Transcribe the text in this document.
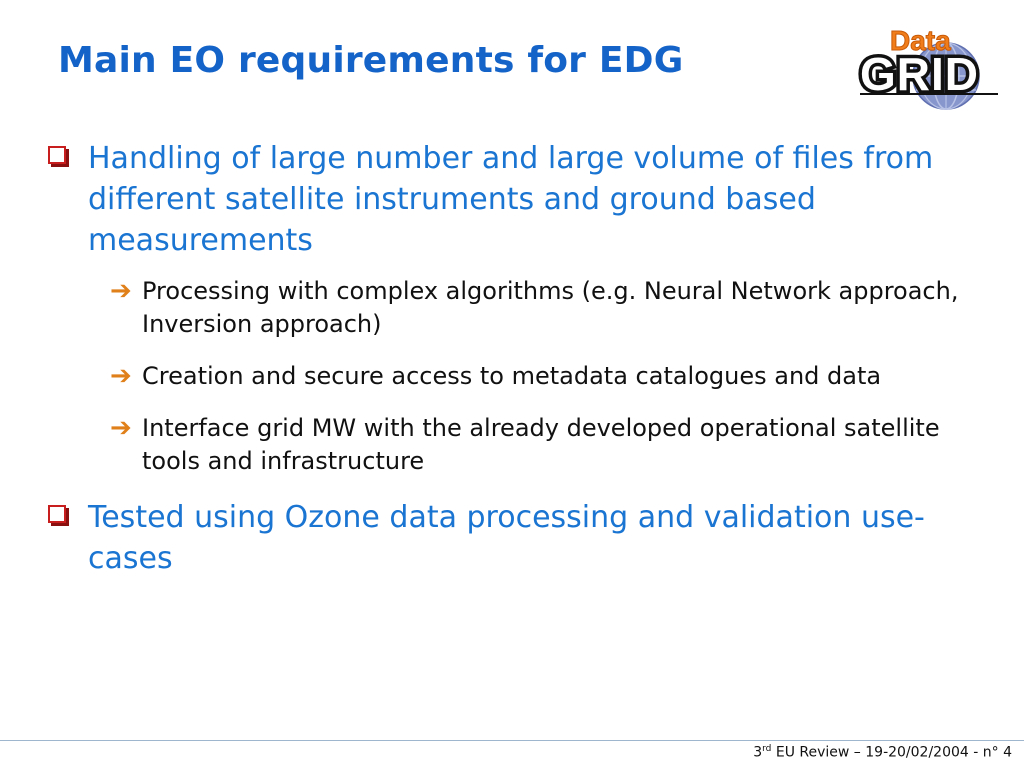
Main EO requirements for EDG	GRID
Data
Handling of large number and large volume of files from different satellite instruments and ground based measurements
➔ Processing with complex algorithms (e.g. Neural Network approach, Inversion approach)
➔ Creation and secure access to metadata catalogues and data
➔ Interface grid MW with the already developed operational satellite tools and infrastructure
Tested using Ozone data processing and validation use-cases
3rd EU Review – 19-20/02/2004 - n° 4
